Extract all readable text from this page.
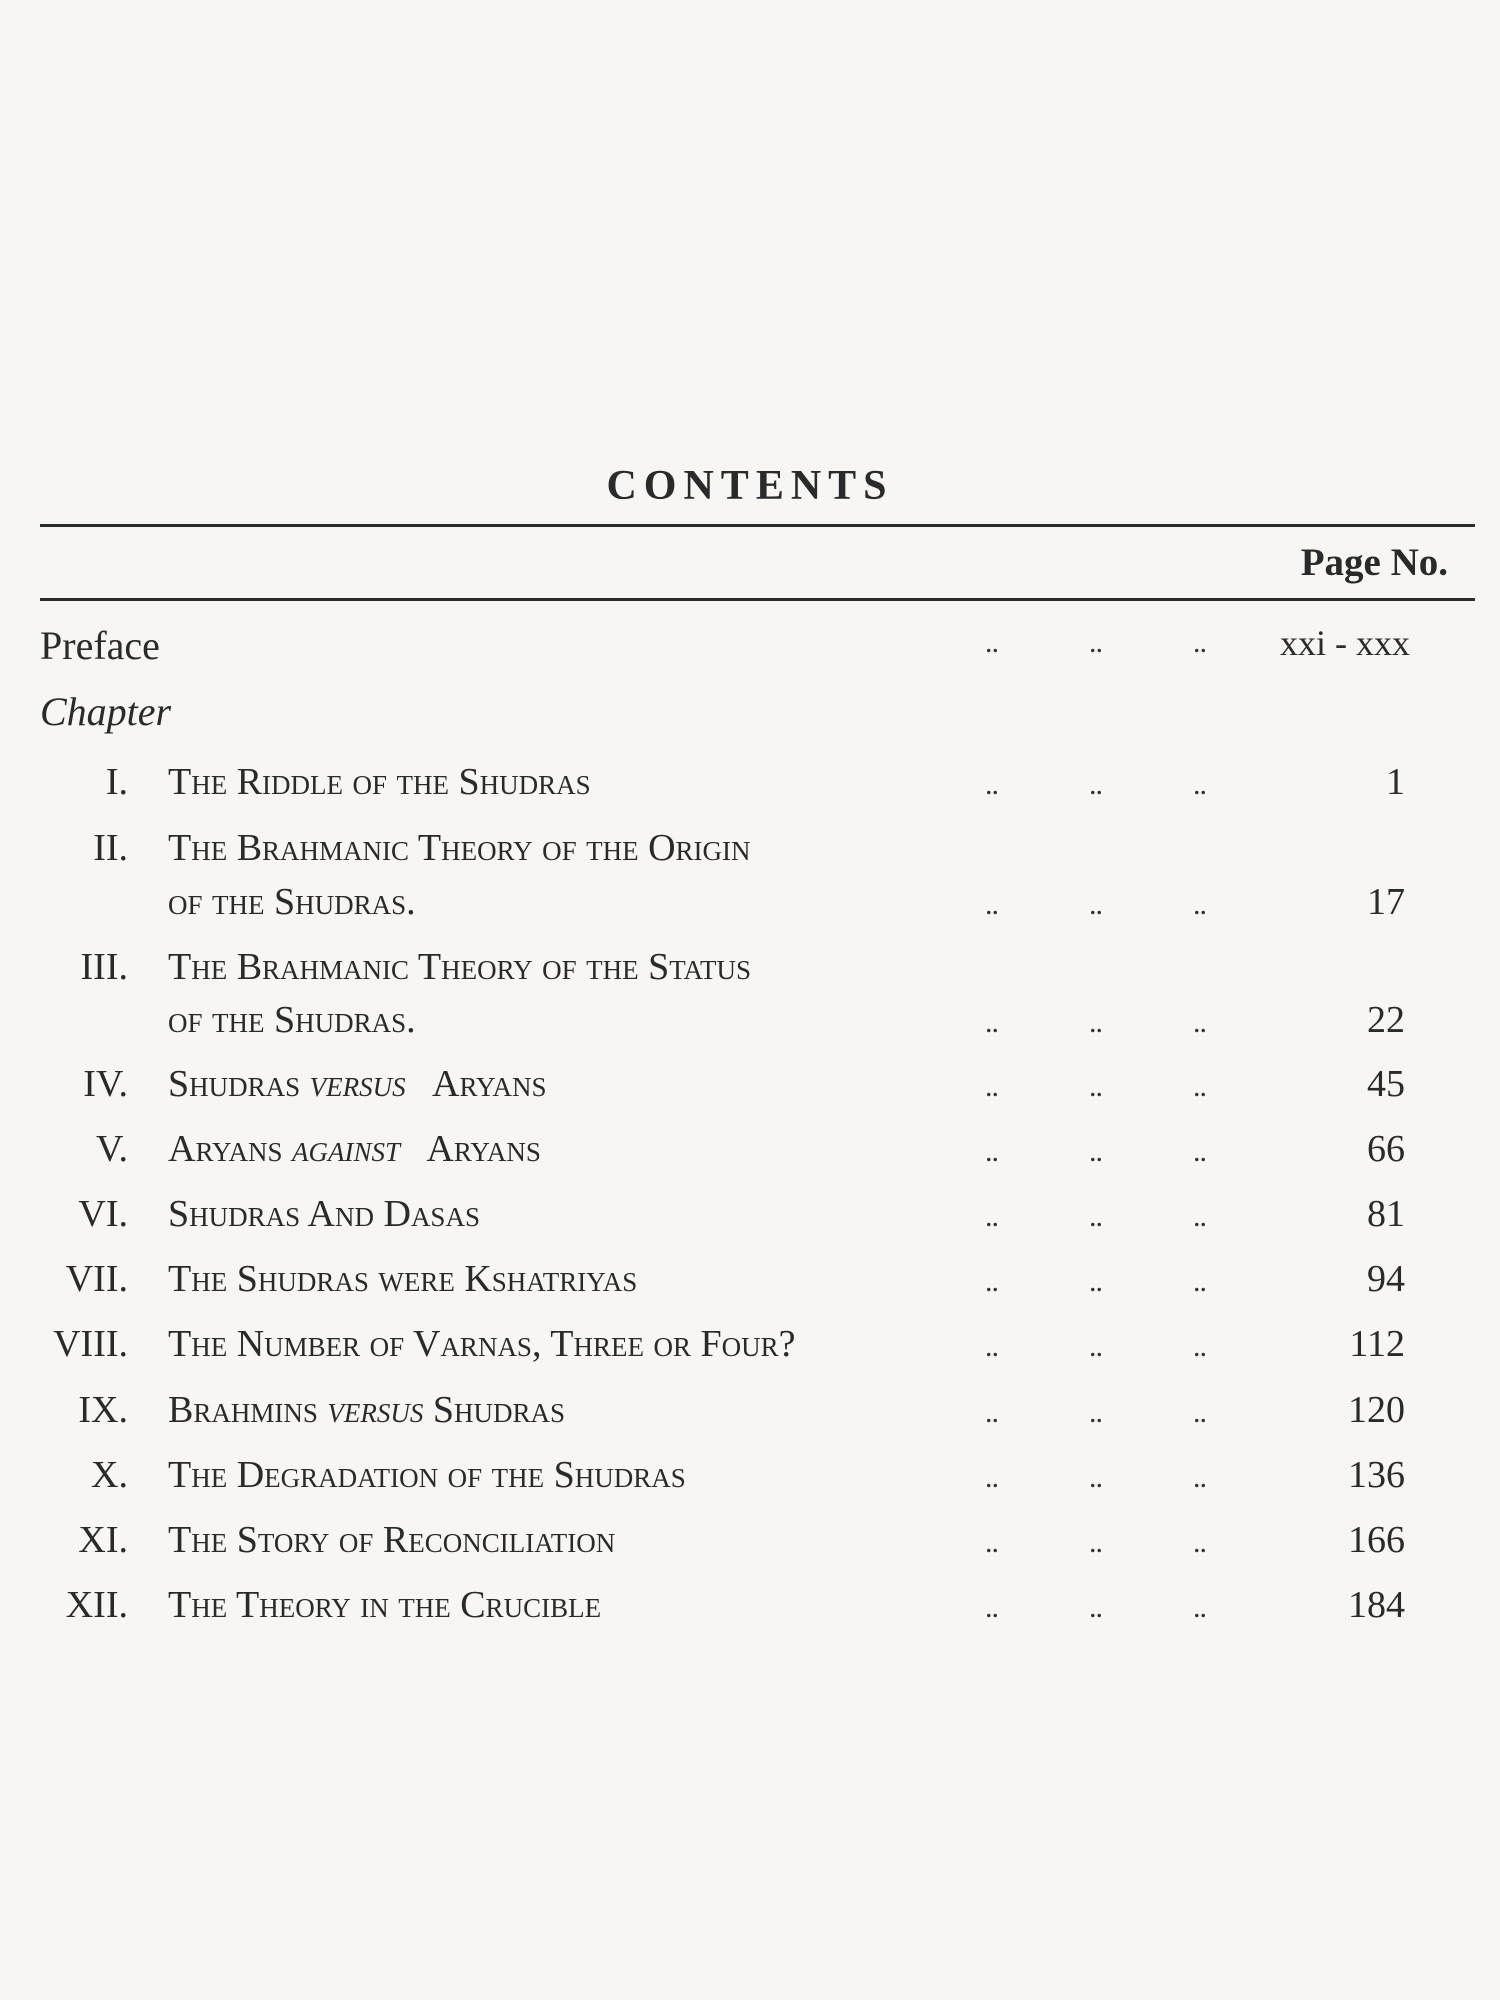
CONTENTS
Page No.
Preface	..	..	.. xxi - xxx
Chapter
I. The Riddle of the Shudras	..	..	..	1
II. The Brahmanic Theory of the Origin
of the Shudras.	..	..	..	17
III. The Brahmanic Theory of the Status
of the Shudras.	..	..	..	22
IV. Shudras versus Aryans	..	..	..	45
V. Aryans against Aryans	..	..	..	66
VI. Shudras And Dasas	..	..	..	81
VII. The Shudras were Kshatriyas	..	..	..	94
VIII. The Number of Varnas, Three or Four?	..	..	..	112
IX. Brahmins versus Shudras	..	..	..	120
X. The Degradation of the Shudras	..	..	..	136
XI. The Story of Reconciliation	..	..	..	166
XII. The Theory in the Crucible	..	..	..	184
